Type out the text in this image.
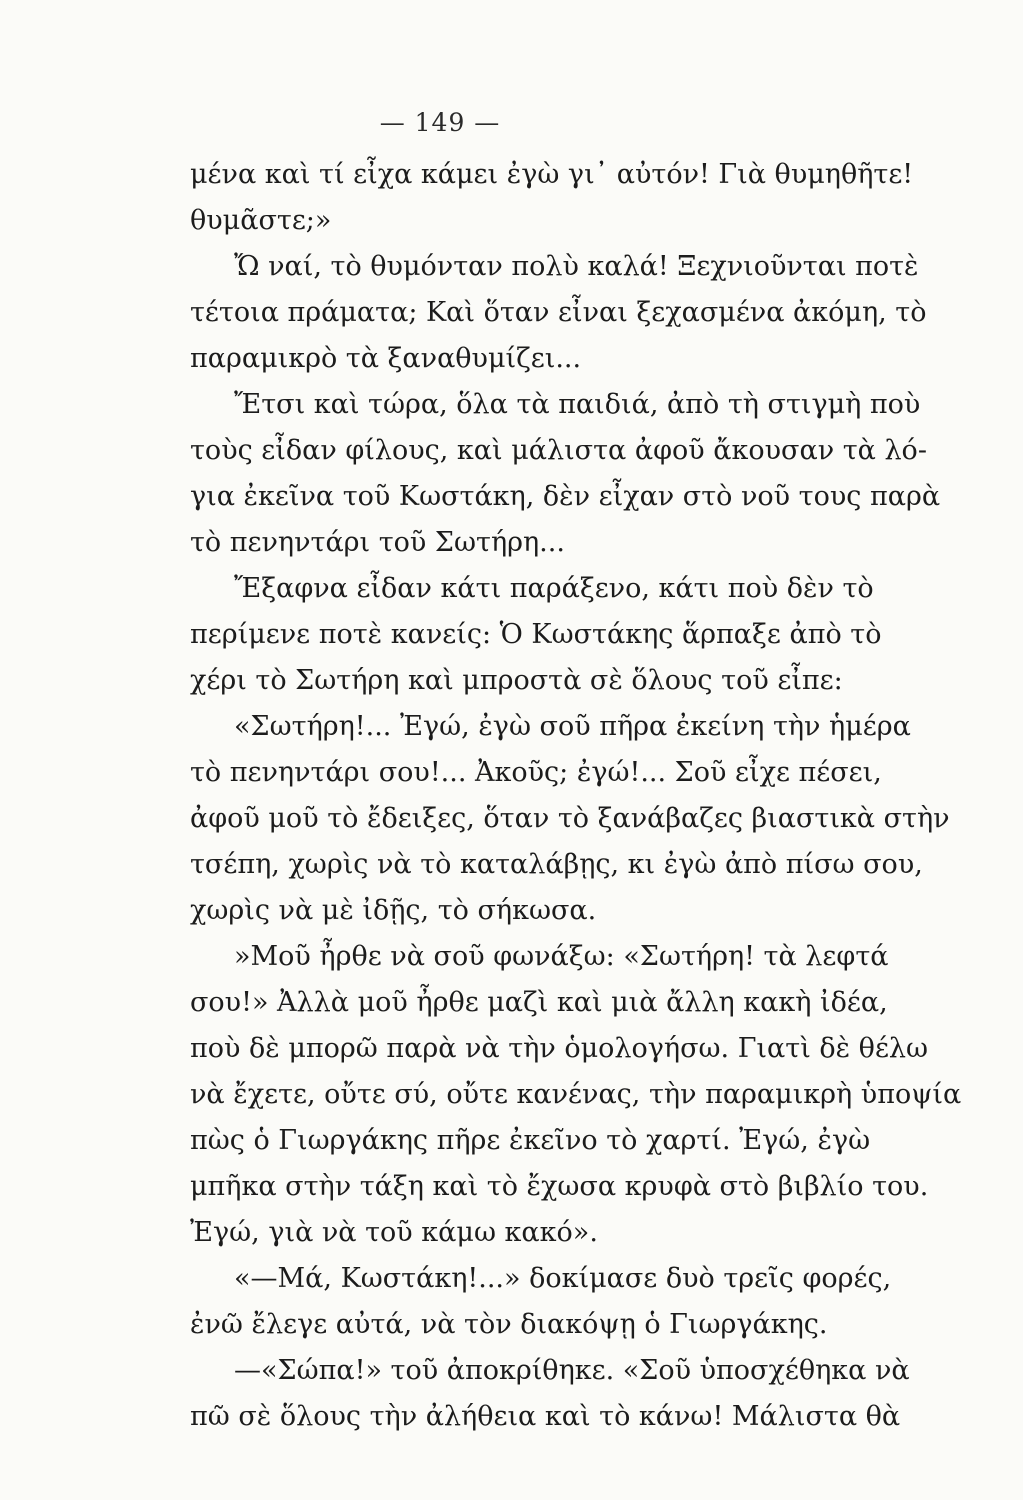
— 149 —
μένα καὶ τί εἶχα κάμει ἐγὼ γι᾿ αὐτόν! Γιὰ θυμηθῆτε!
θυμᾶστε;»
Ὤ ναί, τὸ θυμόνταν πολὺ καλά! Ξεχνιοῦνται ποτὲ
τέτοια πράματα; Καὶ ὅταν εἶναι ξεχασμένα ἀκόμη, τὸ
παραμικρὸ τὰ ξαναθυμίζει...
Ἔτσι καὶ τώρα, ὅλα τὰ παιδιά, ἀπὸ τὴ στιγμὴ ποὺ
τοὺς εἶδαν φίλους, καὶ μάλιστα ἀφοῦ ἄκουσαν τὰ λό-
για ἐκεῖνα τοῦ Κωστάκη, δὲν εἶχαν στὸ νοῦ τους παρὰ
τὸ πενηντάρι τοῦ Σωτήρη...
Ἔξαφνα εἶδαν κάτι παράξενο, κάτι ποὺ δὲν τὸ
περίμενε ποτὲ κανείς: Ὁ Κωστάκης ἅρπαξε ἀπὸ τὸ
χέρι τὸ Σωτήρη καὶ μπροστὰ σὲ ὅλους τοῦ εἶπε:
«Σωτήρη!... Ἐγώ, ἐγὼ σοῦ πῆρα ἐκείνη τὴν ἡμέρα
τὸ πενηντάρι σου!... Ἀκοῦς; ἐγώ!... Σοῦ εἶχε πέσει,
ἀφοῦ μοῦ τὸ ἔδειξες, ὅταν τὸ ξανάβαζες βιαστικὰ στὴν
τσέπη, χωρὶς νὰ τὸ καταλάβῃς, κι ἐγὼ ἀπὸ πίσω σου,
χωρὶς νὰ μὲ ἰδῇς, τὸ σήκωσα.
»Μοῦ ἦρθε νὰ σοῦ φωνάξω: «Σωτήρη! τὰ λεφτά
σου!» Ἀλλὰ μοῦ ἦρθε μαζὶ καὶ μιὰ ἄλλη κακὴ ἰδέα,
ποὺ δὲ μπορῶ παρὰ νὰ τὴν ὁμολογήσω. Γιατὶ δὲ θέλω
νὰ ἔχετε, οὔτε σύ, οὔτε κανένας, τὴν παραμικρὴ ὑποψία
πὼς ὁ Γιωργάκης πῆρε ἐκεῖνο τὸ χαρτί. Ἐγώ, ἐγὼ
μπῆκα στὴν τάξη καὶ τὸ ἔχωσα κρυφὰ στὸ βιβλίο του.
Ἐγώ, γιὰ νὰ τοῦ κάμω κακό».
«—Μά, Κωστάκη!...» δοκίμασε δυὸ τρεῖς φορές,
ἐνῶ ἔλεγε αὐτά, νὰ τὸν διακόψῃ ὁ Γιωργάκης.
—«Σώπα!» τοῦ ἀποκρίθηκε. «Σοῦ ὑποσχέθηκα νὰ
πῶ σὲ ὅλους τὴν ἀλήθεια καὶ τὸ κάνω! Μάλιστα θὰ
